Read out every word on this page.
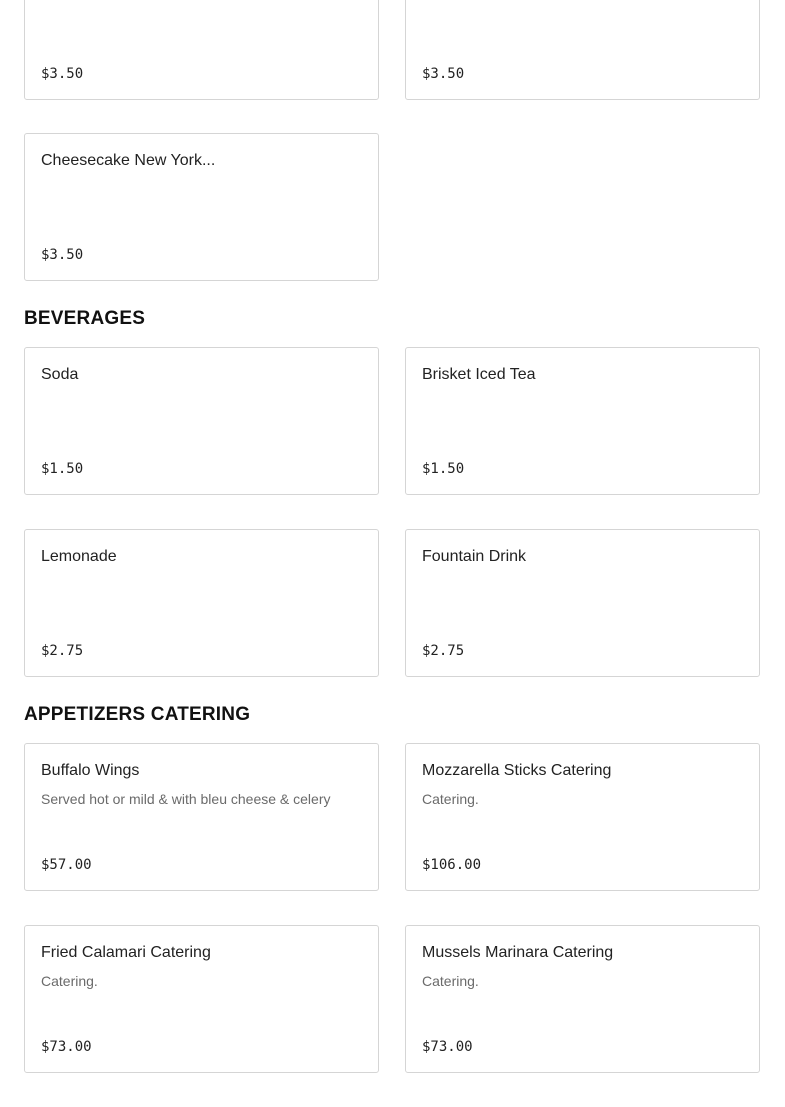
$3.50	$3.50
Cheesecake New York...
$3.50
BEVERAGES
Soda
$1.50
Brisket Iced Tea
$1.50
Lemonade
$2.75
Fountain Drink
$2.75
APPETIZERS CATERING
Buffalo Wings
Served hot or mild & with bleu cheese & celery
$57.00
Mozzarella Sticks Catering
Catering.
$106.00
Fried Calamari Catering
Catering.
$73.00
Mussels Marinara Catering
Catering.
$73.00
